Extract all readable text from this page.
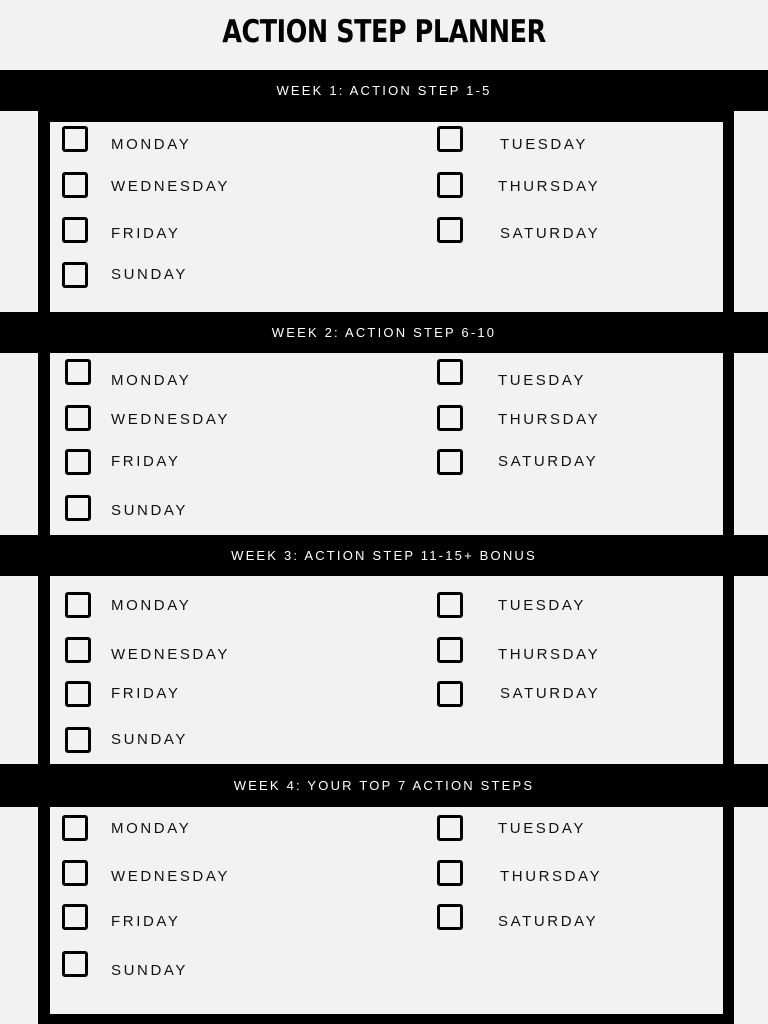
ACTION STEP PLANNER
WEEK 1: ACTION STEP 1-5
MONDAY	TUESDAY
WEDNESDAY	THURSDAY
FRIDAY	SATURDAY
SUNDAY
WEEK 2: ACTION STEP 6-10
MONDAY	TUESDAY
WEDNESDAY	THURSDAY
FRIDAY	SATURDAY
SUNDAY
WEEK 3: ACTION STEP 11-15+ BONUS
MONDAY	TUESDAY
WEDNESDAY	THURSDAY
FRIDAY	SATURDAY
SUNDAY
WEEK 4: YOUR TOP 7 ACTION STEPS
MONDAY	TUESDAY
WEDNESDAY	THURSDAY
FRIDAY	SATURDAY
SUNDAY
